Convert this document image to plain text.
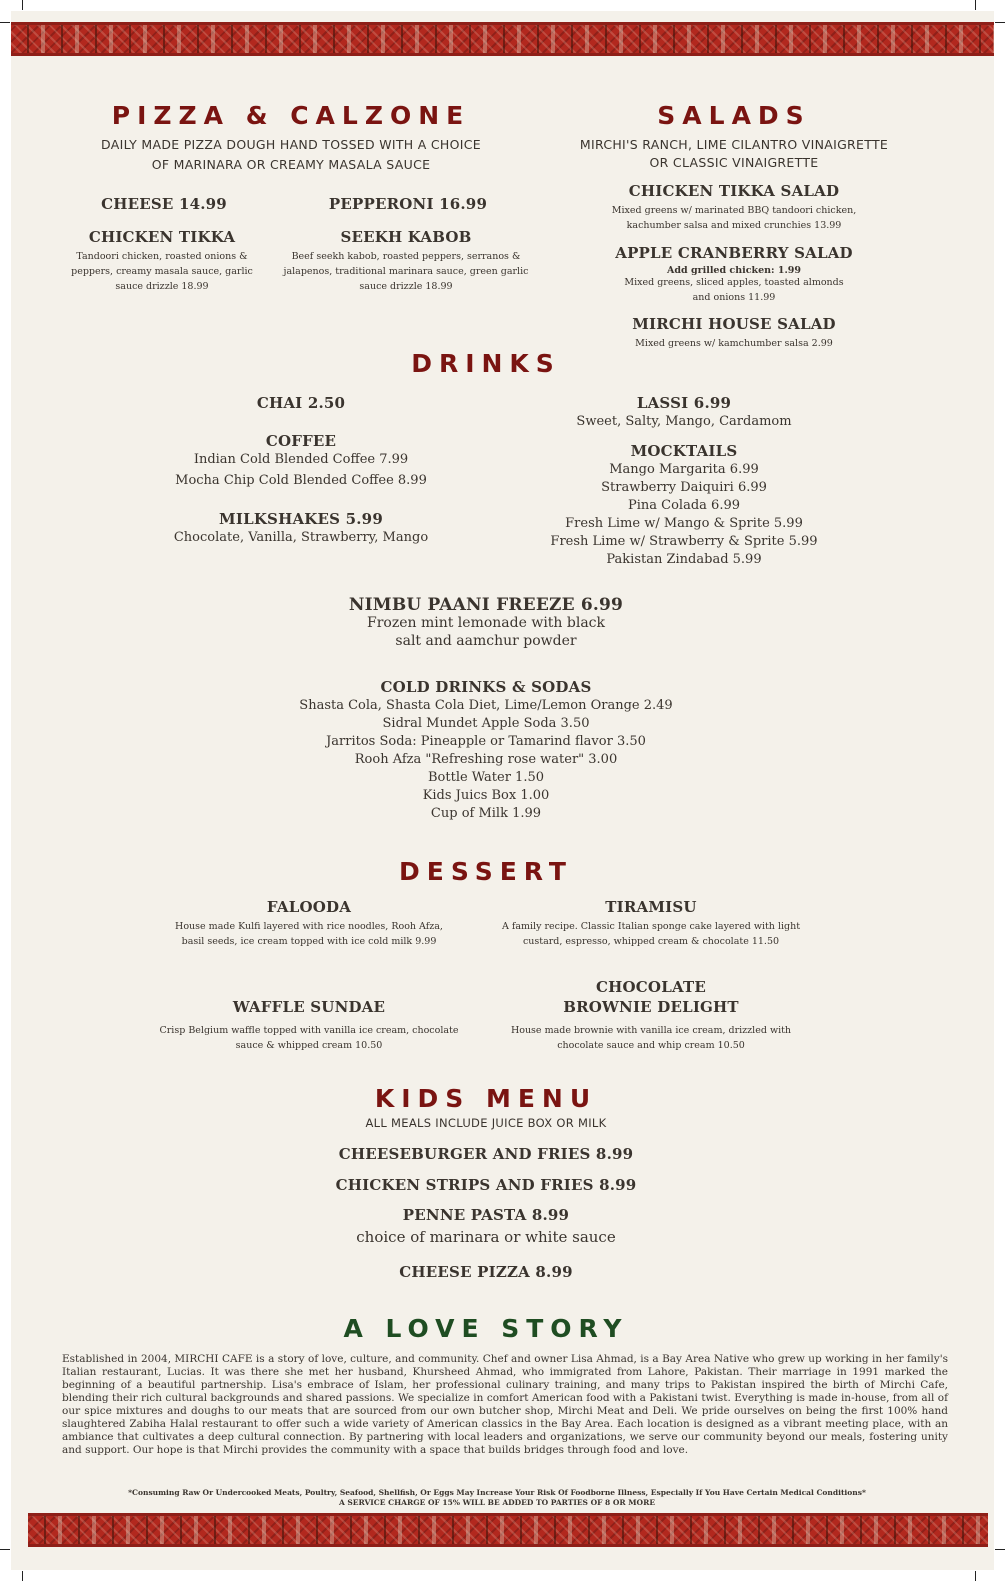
PIZZA & CALZONE
DAILY MADE PIZZA DOUGH HAND TOSSED WITH A CHOICE
OF MARINARA OR CREAMY MASALA SAUCE
CHEESE 14.99	PEPPERONI 16.99
CHICKEN TIKKA
Tandoori chicken, roasted onions &
peppers, creamy masala sauce, garlic
sauce drizzle 18.99
SEEKH KABOB
Beef seekh kabob, roasted peppers, serranos &
jalapenos, traditional marinara sauce, green garlic
sauce drizzle 18.99
SALADS
MIRCHI'S RANCH, LIME CILANTRO VINAIGRETTE
OR CLASSIC VINAIGRETTE
CHICKEN TIKKA SALAD
Mixed greens w/ marinated BBQ tandoori chicken,
kachumber salsa and mixed crunchies 13.99
APPLE CRANBERRY SALAD
Add grilled chicken: 1.99
Mixed greens, sliced apples, toasted almonds
and onions 11.99
MIRCHI HOUSE SALAD
Mixed greens w/ kamchumber salsa 2.99
DRINKS
CHAI 2.50
COFFEE
Indian Cold Blended Coffee 7.99
Mocha Chip Cold Blended Coffee 8.99
MILKSHAKES 5.99
Chocolate, Vanilla, Strawberry, Mango
LASSI 6.99
Sweet, Salty, Mango, Cardamom
MOCKTAILS
Mango Margarita 6.99
Strawberry Daiquiri 6.99
Pina Colada 6.99
Fresh Lime w/ Mango & Sprite 5.99
Fresh Lime w/ Strawberry & Sprite 5.99
Pakistan Zindabad 5.99
NIMBU PAANI FREEZE 6.99
Frozen mint lemonade with black
salt and aamchur powder
COLD DRINKS & SODAS
Shasta Cola, Shasta Cola Diet, Lime/Lemon Orange 2.49
Sidral Mundet Apple Soda 3.50
Jarritos Soda: Pineapple or Tamarind flavor 3.50
Rooh Afza "Refreshing rose water" 3.00
Bottle Water 1.50
Kids Juics Box 1.00
Cup of Milk 1.99
DESSERT
FALOODA
House made Kulfi layered with rice noodles, Rooh Afza,
basil seeds, ice cream topped with ice cold milk 9.99
TIRAMISU
A family recipe. Classic Italian sponge cake layered with light
custard, espresso, whipped cream & chocolate 11.50
WAFFLE SUNDAE
Crisp Belgium waffle topped with vanilla ice cream, chocolate
sauce & whipped cream 10.50
CHOCOLATE
BROWNIE DELIGHT
House made brownie with vanilla ice cream, drizzled with
chocolate sauce and whip cream 10.50
KIDS MENU
ALL MEALS INCLUDE JUICE BOX OR MILK
CHEESEBURGER AND FRIES 8.99
CHICKEN STRIPS AND FRIES 8.99
PENNE PASTA 8.99
choice of marinara or white sauce
CHEESE PIZZA 8.99
A LOVE STORY
Established in 2004, MIRCHI CAFE is a story of love, culture, and community. Chef and owner Lisa Ahmad, is a Bay Area Native who grew up working in her family's Italian restaurant, Lucias. It was there she met her husband, Khursheed Ahmad, who immigrated from Lahore, Pakistan. Their marriage in 1991 marked the beginning of a beautiful partnership. Lisa's embrace of Islam, her professional culinary training, and many trips to Pakistan inspired the birth of Mirchi Cafe, blending their rich cultural backgrounds and shared passions. We specialize in comfort American food with a Pakistani twist. Everything is made in-house, from all of our spice mixtures and doughs to our meats that are sourced from our own butcher shop, Mirchi Meat and Deli. We pride ourselves on being the first 100% hand slaughtered Zabiha Halal restaurant to offer such a wide variety of American classics in the Bay Area. Each location is designed as a vibrant meeting place, with an ambiance that cultivates a deep cultural connection. By partnering with local leaders and organizations, we serve our community beyond our meals, fostering unity and support. Our hope is that Mirchi provides the community with a space that builds bridges through food and love.
*Consuming Raw Or Undercooked Meats, Poultry, Seafood, Shellfish, Or Eggs May Increase Your Risk Of Foodborne Illness, Especially If You Have Certain Medical Conditions*
A SERVICE CHARGE OF 15% WILL BE ADDED TO PARTIES OF 8 OR MORE
